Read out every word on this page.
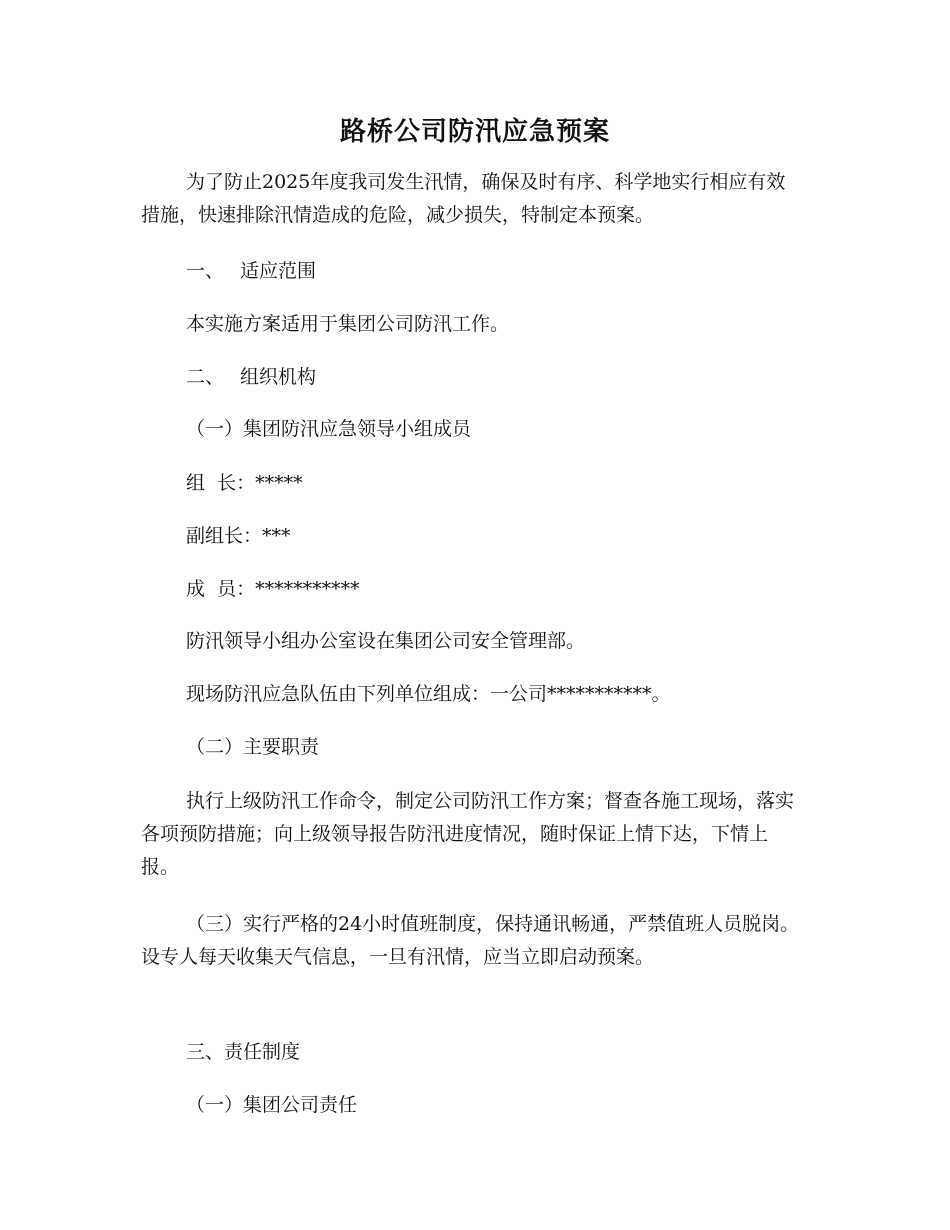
路桥公司防汛应急预案

为了防止2025年度我司发生汛情，确保及时有序、科学地实行相应有效措施，快速排除汛情造成的危险，减少损失，特制定本预案。

一、 适应范围
本实施方案适用于集团公司防汛工作。
二、 组织机构
（一）集团防汛应急领导小组成员
组  长：*****
副组长：***
成  员：***********
防汛领导小组办公室设在集团公司安全管理部。
现场防汛应急队伍由下列单位组成：一公司***********。
（二）主要职责

执行上级防汛工作命令，制定公司防汛工作方案；督查各施工现场，落实各项预防措施；向上级领导报告防汛进度情况，随时保证上情下达，下情上报。

（三）实行严格的24小时值班制度，保持通讯畅通，严禁值班人员脱岗。设专人每天收集天气信息，一旦有汛情，应当立即启动预案。

三、责任制度
（一）集团公司责任
